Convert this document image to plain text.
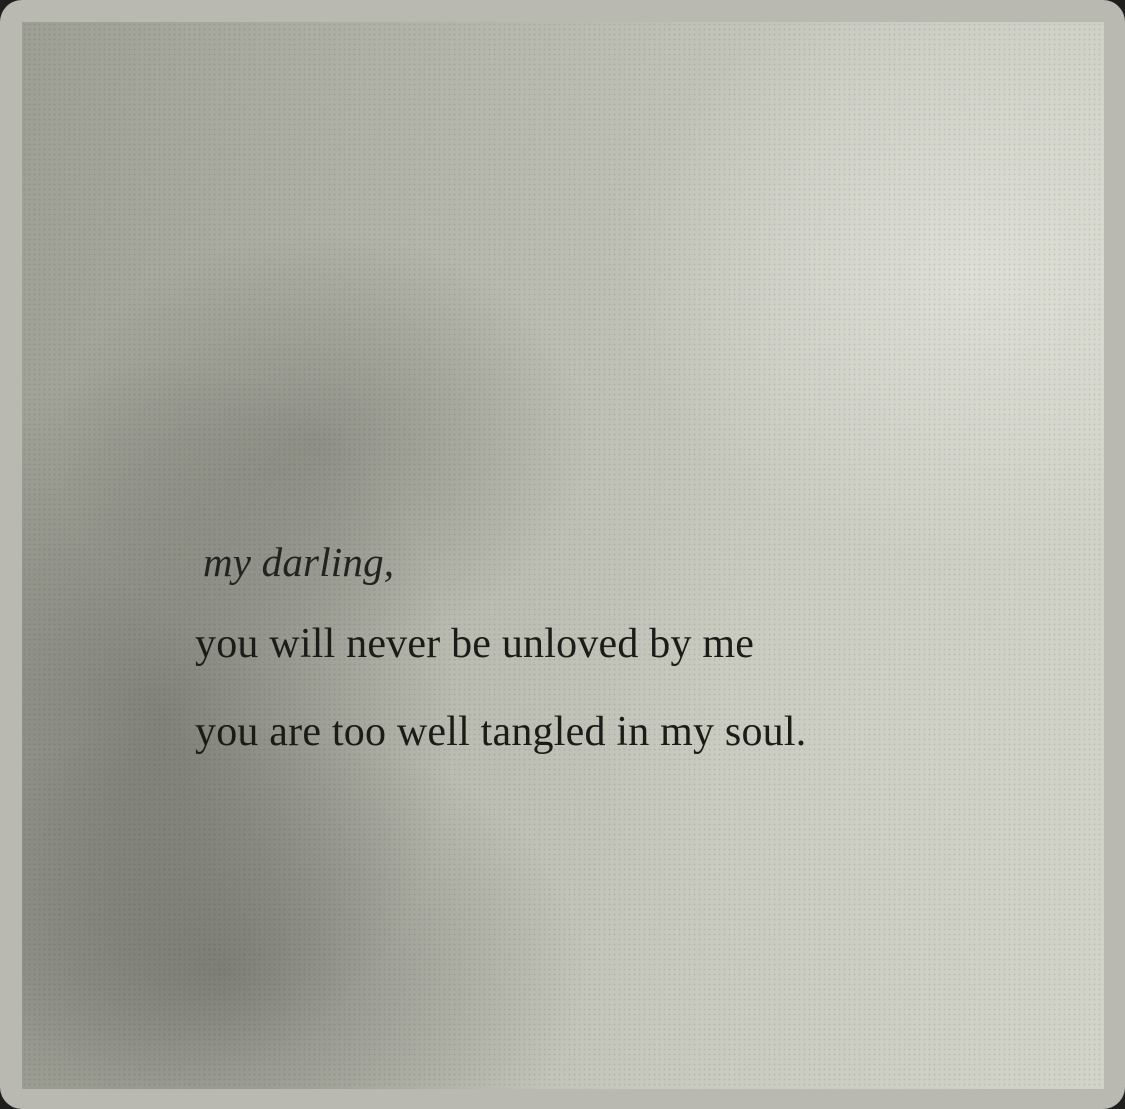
my darling,
you will never be unloved by me
you are too well tangled in my soul.
